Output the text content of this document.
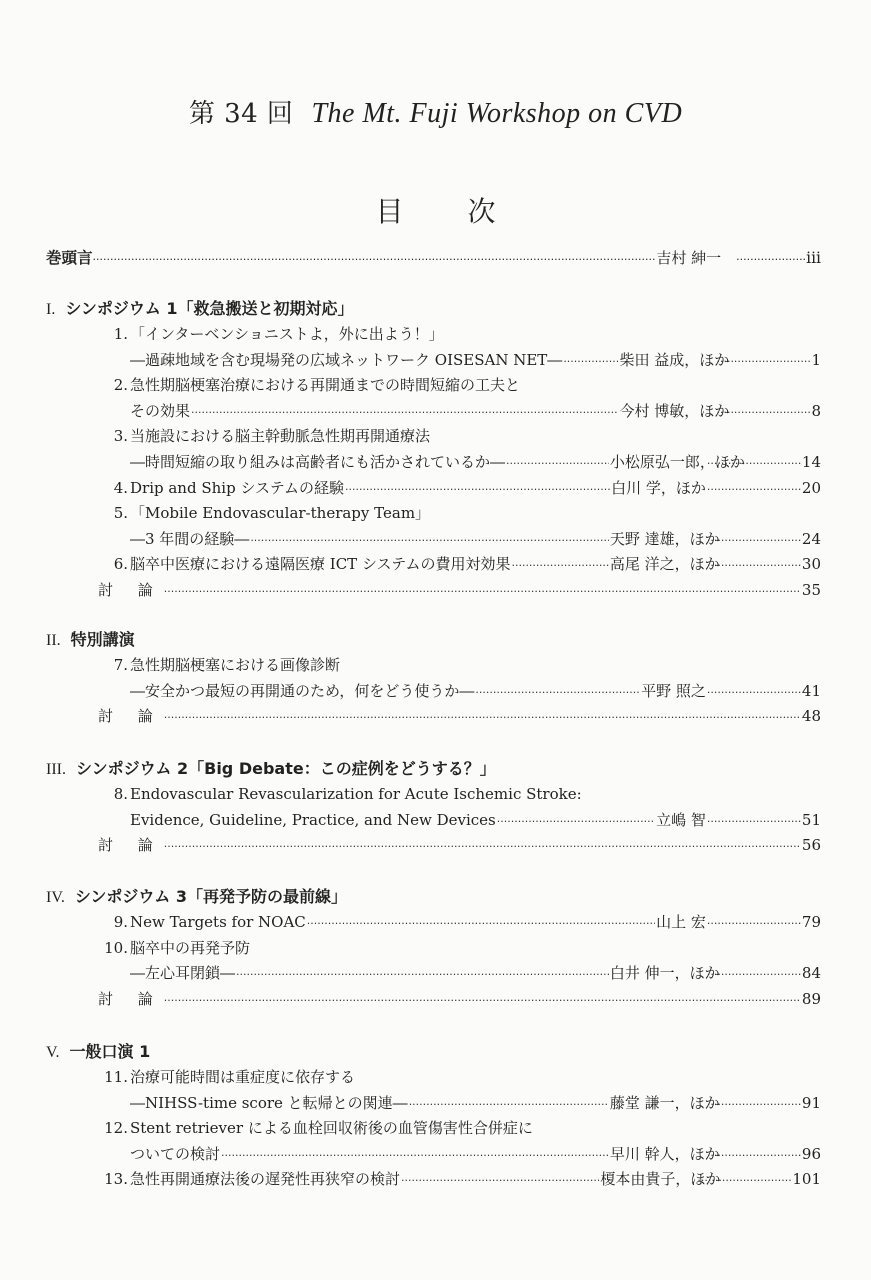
第 34 回 The Mt. Fuji Workshop on CVD
目次
巻頭言 ·····	吉村 紳一 ·····	iii
I. シンポジウム 1「救急搬送と初期対応」
1. 「インターベンショニストよ，外に出よう！」
―過疎地域を含む現場発の広域ネットワーク OISESAN NET― ·····	柴田 益成，ほか ·····	1
2. 急性期脳梗塞治療における再開通までの時間短縮の工夫と
その効果 ·····	今村 博敏，ほか ·····	8
3. 当施設における脳主幹動脈急性期再開通療法
―時間短縮の取り組みは高齢者にも活かされているか― ·····	小松原弘一郎，ほか ·····	14
4. Drip and Ship システムの経験 ·····	白川 学，ほか ·····	20
5. 「Mobile Endovascular-therapy Team」
―3 年間の経験― ·····	天野 達雄，ほか ·····	24
6. 脳卒中医療における遠隔医療 ICT システムの費用対効果 ·····	高尾 洋之，ほか ·····	30
討 論 ·····	35
II. 特別講演
7. 急性期脳梗塞における画像診断
―安全かつ最短の再開通のため，何をどう使うか― ·····	平野 照之 ·····	41
討 論 ·····	48
III. シンポジウム 2「Big Debate：この症例をどうする？」
8. Endovascular Revascularization for Acute Ischemic Stroke:
Evidence, Guideline, Practice, and New Devices ·····	立嶋 智 ·····	51
討 論 ·····	56
IV. シンポジウム 3「再発予防の最前線」
9. New Targets for NOAC ·····	山上 宏 ·····	79
10. 脳卒中の再発予防
―左心耳閉鎖― ·····	白井 伸一，ほか ·····	84
討 論 ·····	89
V. 一般口演 1
11. 治療可能時間は重症度に依存する
―NIHSS-time score と転帰との関連― ·····	藤堂 謙一，ほか ·····	91
12. Stent retriever による血栓回収術後の血管傷害性合併症に
ついての検討 ·····	早川 幹人，ほか ·····	96
13. 急性再開通療法後の遅発性再狭窄の検討 ·····	榎本由貴子，ほか ·····	101
